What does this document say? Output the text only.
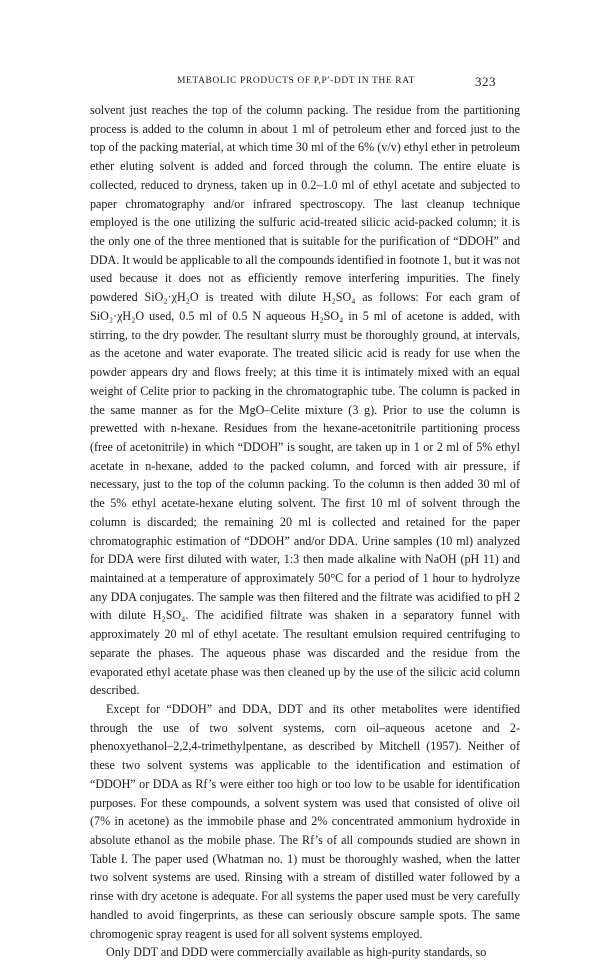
METABOLIC PRODUCTS OF P,P′-DDT IN THE RAT	323

solvent just reaches the top of the column packing. The residue from the partitioning process is added to the column in about 1 ml of petroleum ether and forced just to the top of the packing material, at which time 30 ml of the 6% (v/v) ethyl ether in petroleum ether eluting solvent is added and forced through the column. The entire eluate is collected, reduced to dryness, taken up in 0.2–1.0 ml of ethyl acetate and subjected to paper chromatography and/or infrared spectroscopy. The last cleanup technique employed is the one utilizing the sulfuric acid-treated silicic acid-packed column; it is the only one of the three mentioned that is suitable for the purification of “DDOH” and DDA. It would be applicable to all the compounds identified in footnote 1, but it was not used because it does not as efficiently remove interfering impurities. The finely powdered SiO₂·χH₂O is treated with dilute H₂SO₄ as follows: For each gram of SiO₂·χH₂O used, 0.5 ml of 0.5 N aqueous H₂SO₄ in 5 ml of acetone is added, with stirring, to the dry powder. The resultant slurry must be thoroughly ground, at intervals, as the acetone and water evaporate. The treated silicic acid is ready for use when the powder appears dry and flows freely; at this time it is intimately mixed with an equal weight of Celite prior to packing in the chromatographic tube. The column is packed in the same manner as for the MgO–Celite mixture (3 g). Prior to use the column is prewetted with n-hexane. Residues from the hexane-acetonitrile partitioning process (free of acetonitrile) in which “DDOH” is sought, are taken up in 1 or 2 ml of 5% ethyl acetate in n-hexane, added to the packed column, and forced with air pressure, if necessary, just to the top of the column packing. To the column is then added 30 ml of the 5% ethyl acetate-hexane eluting solvent. The first 10 ml of solvent through the column is discarded; the remaining 20 ml is collected and retained for the paper chromatographic estimation of “DDOH” and/or DDA. Urine samples (10 ml) analyzed for DDA were first diluted with water, 1:3 then made alkaline with NaOH (pH 11) and maintained at a temperature of approximately 50°C for a period of 1 hour to hydrolyze any DDA conjugates. The sample was then filtered and the filtrate was acidified to pH 2 with dilute H₂SO₄. The acidified filtrate was shaken in a separatory funnel with approximately 20 ml of ethyl acetate. The resultant emulsion required centrifuging to separate the phases. The aqueous phase was discarded and the residue from the evaporated ethyl acetate phase was then cleaned up by the use of the silicic acid column described.

Except for “DDOH” and DDA, DDT and its other metabolites were identified through the use of two solvent systems, corn oil–aqueous acetone and 2-phenoxyethanol–2,2,4-trimethylpentane, as described by Mitchell (1957). Neither of these two solvent systems was applicable to the identification and estimation of “DDOH” or DDA as Rf’s were either too high or too low to be usable for identification purposes. For these compounds, a solvent system was used that consisted of olive oil (7% in acetone) as the immobile phase and 2% concentrated ammonium hydroxide in absolute ethanol as the mobile phase. The Rf’s of all compounds studied are shown in Table I. The paper used (Whatman no. 1) must be thoroughly washed, when the latter two solvent systems are used. Rinsing with a stream of distilled water followed by a rinse with dry acetone is adequate. For all systems the paper used must be very carefully handled to avoid fingerprints, as these can seriously obscure sample spots. The same chromogenic spray reagent is used for all solvent systems employed.

Only DDT and DDD were commercially available as high-purity standards, so
